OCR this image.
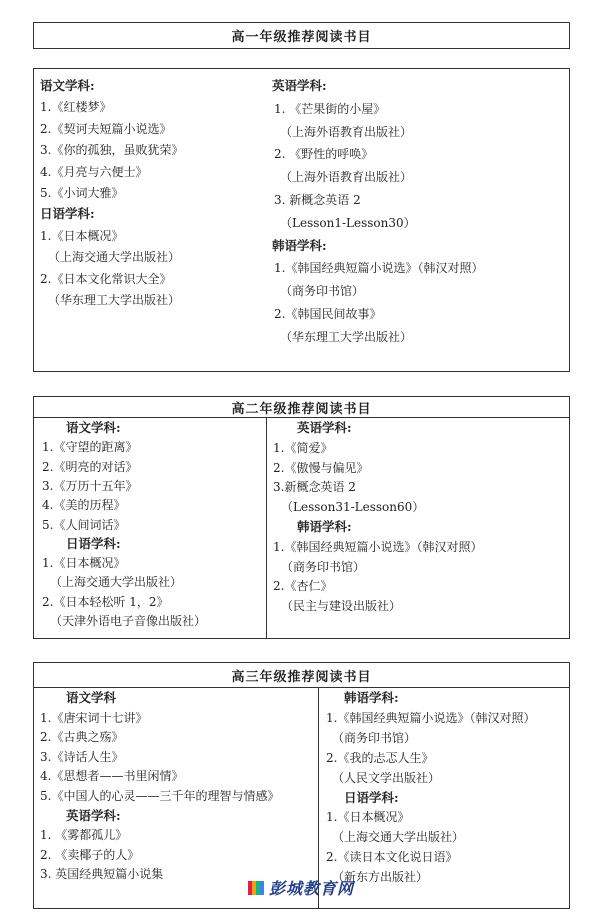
高一年级推荐阅读书目
语文学科:
1.《红楼梦》
2.《契诃夫短篇小说选》
3.《你的孤独，虽败犹荣》
4.《月亮与六便士》
5.《小词大雅》
日语学科:
1.《日本概况》
（上海交通大学出版社）
2.《日本文化常识大全》
（华东理工大学出版社）
英语学科:
1. 《芒果街的小屋》
（上海外语教育出版社）
2. 《野性的呼唤》
（上海外语教育出版社）
3. 新概念英语 2
（Lesson1-Lesson30）
韩语学科:
1.《韩国经典短篇小说选》（韩汉对照）
（商务印书馆）
2.《韩国民间故事》
（华东理工大学出版社）
高二年级推荐阅读书目
语文学科:
1.《守望的距离》
2.《明亮的对话》
3.《万历十五年》
4.《美的历程》
5.《人间词话》
日语学科:
1.《日本概况》
（上海交通大学出版社）
2.《日本轻松听 1，2》
（天津外语电子音像出版社）
英语学科:
1.《简爱》
2.《傲慢与偏见》
3.新概念英语 2
（Lesson31-Lesson60）
韩语学科:
1.《韩国经典短篇小说选》（韩汉对照）
（商务印书馆）
2.《杏仁》
（民主与建设出版社）
高三年级推荐阅读书目
语文学科
1.《唐宋词十七讲》
2.《古典之殇》
3.《诗话人生》
4.《思想者——书里闲情》
5.《中国人的心灵——三千年的理智与情感》
英语学科:
1. 《雾都孤儿》
2. 《卖椰子的人》
3. 英国经典短篇小说集
韩语学科:
1.《韩国经典短篇小说选》（韩汉对照）
（商务印书馆）
2.《我的忐忑人生》
（人民文学出版社）
日语学科:
1.《日本概况》
（上海交通大学出版社）
2.《读日本文化说日语》
（新东方出版社）
彭城教育网
